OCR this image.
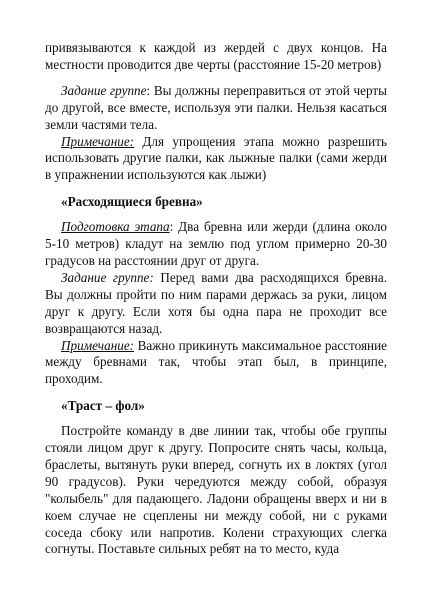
привязываются к каждой из жердей с двух концов. На местности проводится две черты (расстояние 15-20 метров)

Задание группе: Вы должны переправиться от этой черты до другой, все вместе, используя эти палки. Нельзя касаться земли частями тела.

Примечание: Для упрощения этапа можно разрешить использовать другие палки, как лыжные палки (сами жерди в упражнении используются как лыжи)

«Расходящиеся бревна»

Подготовка этапа: Два бревна или жерди (длина около 5-10 метров) кладут на землю под углом примерно 20-30 градусов на расстоянии друг от друга.

Задание группе: Перед вами два расходящихся бревна. Вы должны пройти по ним парами держась за руки, лицом друг к другу. Если хотя бы одна пара не проходит все возвращаются назад.

Примечание: Важно прикинуть максимальное расстояние между бревнами так, чтобы этап был, в принципе, проходим.

«Траст – фол»

Постройте команду в две линии так, чтобы обе группы стояли лицом друг к другу. Попросите снять часы, кольца, браслеты, вытянуть руки вперед, согнуть их в локтях (угол 90 градусов). Руки чередуются между собой, образуя "колыбель" для падающего. Ладони обращены вверх и ни в коем случае не сцеплены ни между собой, ни с руками соседа сбоку или напротив. Колени страхующих слегка согнуты. Поставьте сильных ребят на то место, куда
